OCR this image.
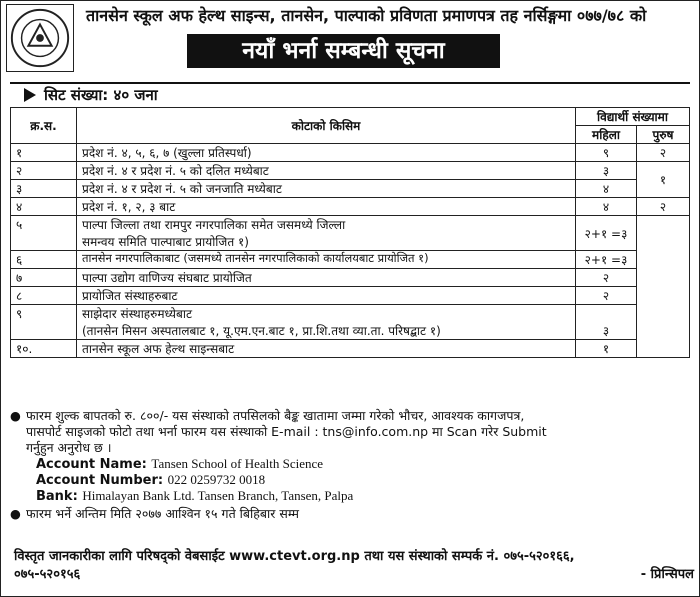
तानसेन स्कूल अफ हेल्थ साइन्स, तानसेन, पाल्पाको प्रविणता प्रमाणपत्र तह नर्सिङ्गमा ०७७/७८ को
नयाँ भर्ना सम्बन्धी सूचना
सिट संख्या: ४० जना
क्र.स.	कोटाको किसिम	विद्यार्थी संख्यामा	
		महिला	पुरुष
१	प्रदेश नं. ४, ५, ६, ७ (खुल्ला प्रतिस्पर्धा)	९	२
२	प्रदेश नं. ४ र प्रदेश नं. ५ को दलित मध्येबाट	३	१
३	प्रदेश नं. ४ र प्रदेश नं. ५ को जनजाति मध्येबाट	४	
४	प्रदेश नं. १, २, ३ बाट	४	२
५	पाल्पा जिल्ला तथा रामपुर नगरपालिका समेत जसमध्ये जिल्ला
समन्वय समिति पाल्पाबाट प्रायोजित १)	२+१ =३	
६	तानसेन नगरपालिकाबाट (जसमध्ये तानसेन नगरपालिकाको कार्यालयबाट प्रायोजित १)	२+१ =३	
७	पाल्पा उद्योग वाणिज्य संघबाट प्रायोजित	२	
८	प्रायोजित संस्थाहरुबाट	२	
९	साझेदार संस्थाहरुमध्येबाट
(तानसेन मिसन अस्पतालबाट १, यू.एम.एन.बाट १, प्रा.शि.तथा व्या.ता. परिषद्बाट १)	३	
१०.	तानसेन स्कूल अफ हेल्थ साइन्सबाट	१	
● फारम शुल्क बापतको रु. ८००/- यस संस्थाको तपसिलको बैङ्क खातामा जम्मा गरेको भौचर, आवश्यक कागजपत्र,
पासपोर्ट साइजको फोटो तथा भर्ना फारम यस संस्थाको E-mail : tns@info.com.np मा Scan गरेर Submit
गर्नुहुन अनुरोध छ ।
Account Name: Tansen School of Health Science
Account Number: 022 0259732 0018
Bank: Himalayan Bank Ltd. Tansen Branch, Tansen, Palpa
● फारम भर्ने अन्तिम मिति २०७७ आश्विन १५ गते बिहिबार सम्म
विस्तृत जानकारीका लागि परिषद्को वेबसाईट www.ctevt.org.np तथा यस संस्थाको सम्पर्क नं. ०७५-५२०१६६,
०७५-५२०१५६	- प्रिन्सिपल
